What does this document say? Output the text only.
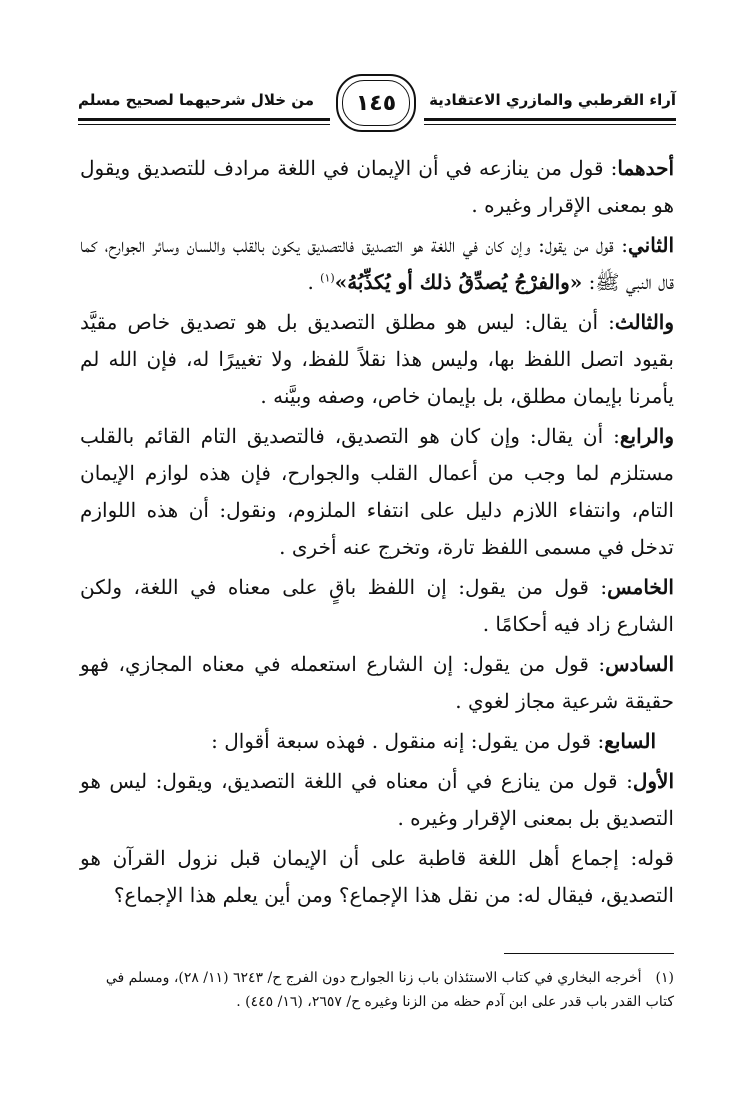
آراء القرطبي والمازري الاعتقادية
١٤٥
من خلال شرحيهما لصحيح مسلم

أحدهما: قول من ينازعه في أن الإيمان في اللغة مرادف للتصديق ويقول هو بمعنى الإقرار وغيره .

الثاني: قول من يقول: وإن كان في اللغة هو التصديق فالتصديق يكون بالقلب واللسان وسائر الجوارح، كما قال النبي ﷺ: «والفرْجُ يُصدِّقُ ذلك أو يُكذِّبُهُ»$^{(١)}$ .

والثالث: أن يقال: ليس هو مطلق التصديق بل هو تصديق خاص مقيَّد بقيود اتصل اللفظ بها، وليس هذا نقلاً للفظ، ولا تغييرًا له، فإن الله لم يأمرنا بإيمان مطلق، بل بإيمان خاص، وصفه وبيَّنه .

والرابع: أن يقال: وإن كان هو التصديق، فالتصديق التام القائم بالقلب مستلزم لما وجب من أعمال القلب والجوارح، فإن هذه لوازم الإيمان التام، وانتفاء اللازم دليل على انتفاء الملزوم، ونقول: أن هذه اللوازم تدخل في مسمى اللفظ تارة، وتخرج عنه أخرى .

الخامس: قول من يقول: إن اللفظ باقٍ على معناه في اللغة، ولكن الشارع زاد فيه أحكامًا .

السادس: قول من يقول: إن الشارع استعمله في معناه المجازي، فهو حقيقة شرعية مجاز لغوي .

السابع: قول من يقول: إنه منقول . فهذه سبعة أقوال :

الأول: قول من ينازع في أن معناه في اللغة التصديق، ويقول: ليس هو التصديق بل بمعنى الإقرار وغيره .

قوله: إجماع أهل اللغة قاطبة على أن الإيمان قبل نزول القرآن هو التصديق، فيقال له: من نقل هذا الإجماع؟ ومن أين يعلم هذا الإجماع؟

(١) أخرجه البخاري في كتاب الاستئذان باب زنا الجوارح دون الفرج ح/ ٦٢٤٣ (١١/ ٢٨)، ومسلم في كتاب القدر باب قدر على ابن آدم حظه من الزنا وغيره ح/ ٢٦٥٧، (١٦/ ٤٤٥) .
